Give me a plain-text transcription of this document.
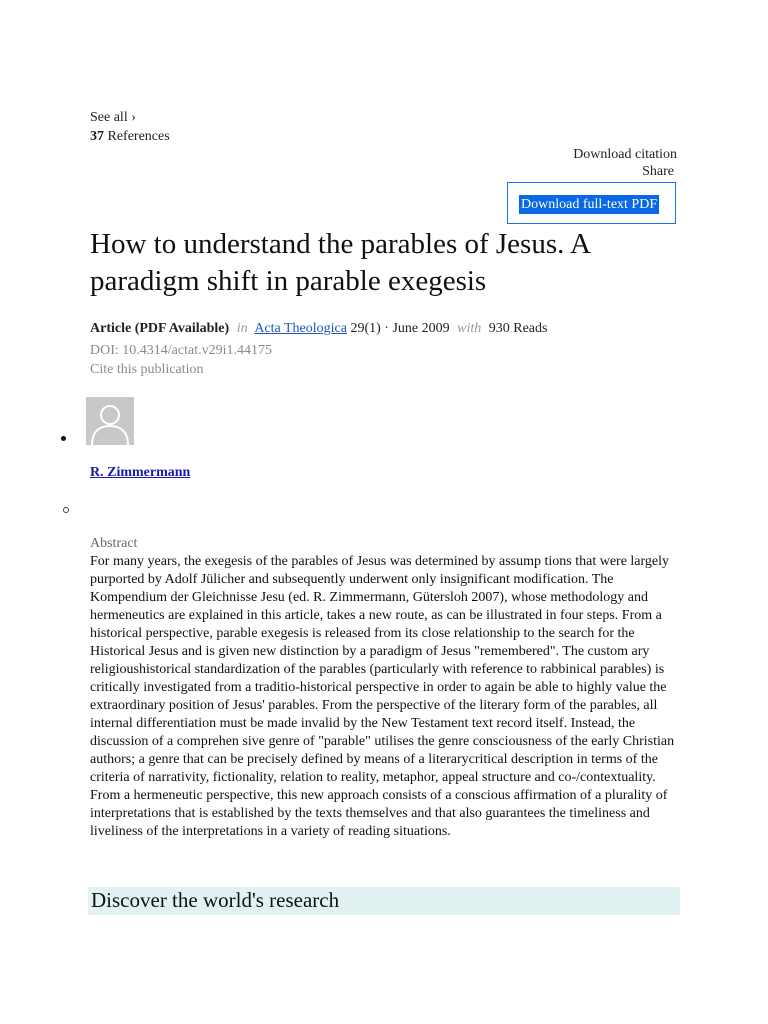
See all ›
37 References
Download citation
Share
Download full-text PDF
How to understand the parables of Jesus. A paradigm shift in parable exegesis
Article (PDF Available) in Acta Theologica 29(1) · June 2009 with 930 Reads
DOI: 10.4314/actat.v29i1.44175
Cite this publication
R. Zimmermann
Abstract

For many years, the exegesis of the parables of Jesus was determined by assump tions that were largely purported by Adolf Jülicher and subsequently underwent only insignificant modification. The Kompendium der Gleichnisse Jesu (ed. R. Zimmermann, Gütersloh 2007), whose methodology and hermeneutics are explained in this article, takes a new route, as can be illustrated in four steps. From a historical perspective, parable exegesis is released from its close relationship to the search for the Historical Jesus and is given new distinction by a paradigm of Jesus "remembered". The custom ary religioushistorical standardization of the parables (particularly with reference to rabbinical parables) is critically investigated from a traditio-historical perspective in order to again be able to highly value the extraordinary position of Jesus' parables. From the perspective of the literary form of the parables, all internal differentiation must be made invalid by the New Testament text record itself. Instead, the discussion of a comprehen sive genre of "parable" utilises the genre consciousness of the early Christian authors; a genre that can be precisely defined by means of a literarycritical description in terms of the criteria of narrativity, fictionality, relation to reality, metaphor, appeal structure and co-/contextuality. From a hermeneutic perspective, this new approach consists of a conscious affirmation of a plurality of interpretations that is established by the texts themselves and that also guarantees the timeliness and liveliness of the interpretations in a variety of reading situations.

Discover the world's research
